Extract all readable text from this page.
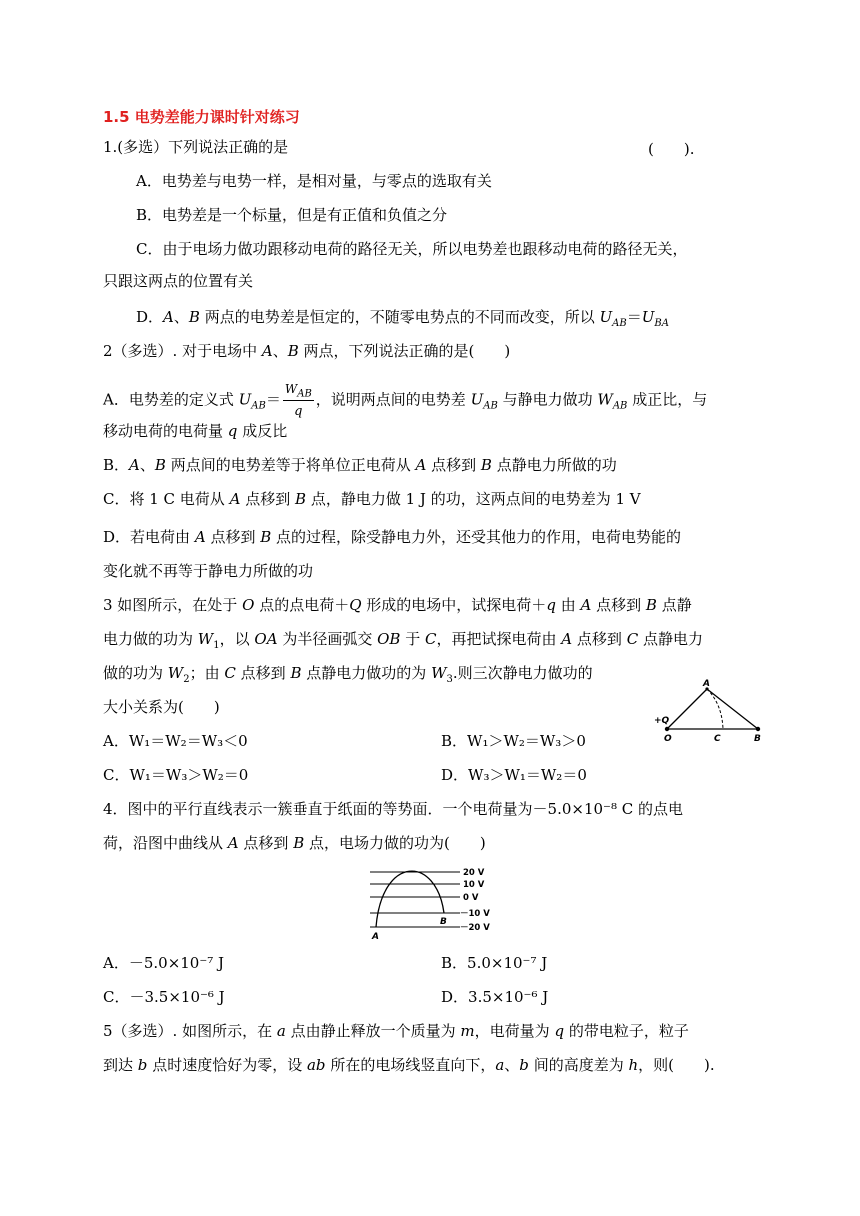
1.5 电势差能力课时针对练习
1.(多选）下列说法正确的是	(　　).
A．电势差与电势一样，是相对量，与零点的选取有关
B．电势差是一个标量，但是有正值和负值之分
C．由于电场力做功跟移动电荷的路径无关，所以电势差也跟移动电荷的路径无关，
只跟这两点的位置有关
D．A、B 两点的电势差是恒定的，不随零电势点的不同而改变，所以 $U_{AB}=U_{BA}$
2（多选）. 对于电场中 A、B 两点，下列说法正确的是(　　)
A．电势差的定义式 $U_{AB}= \frac{W_{AB}}{q}$ ，说明两点间的电势差 $U_{AB}$ 与静电力做功 $W_{AB}$ 成正比，与
移动电荷的电荷量 q 成反比
B．A、B 两点间的电势差等于将单位正电荷从 A 点移到 B 点静电力所做的功
C．将 1 C 电荷从 A 点移到 B 点，静电力做 1 J 的功，这两点间的电势差为 1 V
D．若电荷由 A 点移到 B 点的过程，除受静电力外，还受其他力的作用，电荷电势能的
变化就不再等于静电力所做的功
3 如图所示，在处于 O 点的点电荷＋Q 形成的电场中，试探电荷＋q 由 A 点移到 B 点静
电力做的功为 $W_1$，以 OA 为半径画弧交 OB 于 C，再把试探电荷由 A 点移到 C 点静电力
做的功为 $W_2$；由 C 点移到 B 点静电力做功的为 $W_3$.则三次静电力做功的
大小关系为(　　)
A．W₁＝W₂＝W₃＜0	B．W₁＞W₂＝W₃＞0
C．W₁＝W₃＞W₂＝0	D．W₃＞W₁＝W₂＝0
A
+Q
O	C	B
4．图中的平行直线表示一簇垂直于纸面的等势面．一个电荷量为－5.0×10⁻⁸ C 的点电
荷，沿图中曲线从 A 点移到 B 点，电场力做的功为(　　)
20 V
10 V
0 V
－10 V
－20 V
A
B
A．－5.0×10⁻⁷ J	B．5.0×10⁻⁷ J
C．－3.5×10⁻⁶ J	D．3.5×10⁻⁶ J
5（多选）. 如图所示，在 a 点由静止释放一个质量为 m，电荷量为 q 的带电粒子，粒子
到达 b 点时速度恰好为零，设 ab 所在的电场线竖直向下，a、b 间的高度差为 h，则(　　).
